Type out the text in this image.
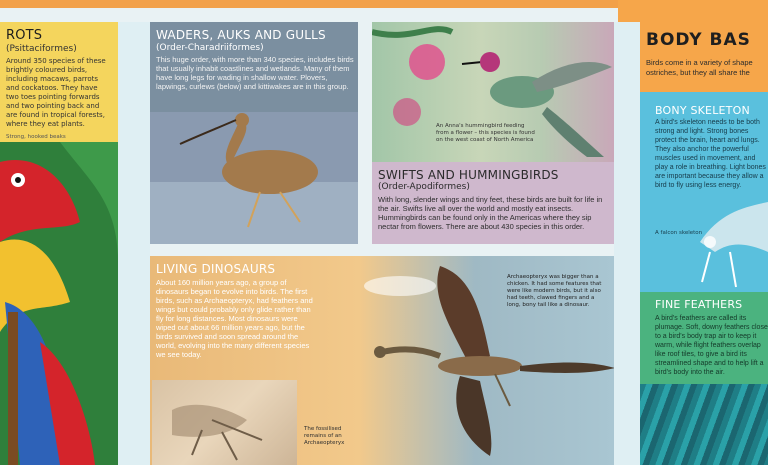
ROTS
(Psittaciformes)
Around 350 species of these brightly coloured birds, including macaws, parrots and cockatoos. They have two toes pointing forwards and two pointing back and are found in tropical forests, where they eat plants.
Strong, hooked beaks
WADERS, AUKS AND GULLS
(Order-Charadriiformes)
This huge order, with more than 340 species, includes birds that usually inhabit coastlines and wetlands. Many of them have long legs for wading in shallow water. Plovers, lapwings, curlews (below) and kittiwakes are in this group.
An Anna's hummingbird feeding from a flower – this species is found on the west coast of North America
SWIFTS AND HUMMINGBIRDS
(Order-Apodiformes)
With long, slender wings and tiny feet, these birds are built for life in the air. Swifts live all over the world and mostly eat insects. Hummingbirds can be found only in the Americas where they sip nectar from flowers. There are about 430 species in this order.
LIVING DINOSAURS
About 160 million years ago, a group of dinosaurs began to evolve into birds. The first birds, such as Archaeopteryx, had feathers and wings but could probably only glide rather than fly for long distances. Most dinosaurs were wiped out about 66 million years ago, but the birds survived and soon spread around the world, evolving into the many different species we see today.
The fossilised remains of an Archaeopteryx
Archaeopteryx was bigger than a chicken. It had some features that were like modern birds, but it also had teeth, clawed fingers and a long, bony tail like a dinosaur.
BODY BAS
Birds come in a variety of shape ostriches, but they all share the
BONY SKELETON
A bird's skeleton needs to be both strong and light. Strong bones protect the brain, heart and lungs. They also anchor the powerful muscles used in movement, and play a role in breathing. Light bones are important because they allow a bird to fly using less energy.
A falcon skeleton
FINE FEATHERS
A bird's feathers are called its plumage. Soft, downy feathers close to a bird's body trap air to keep it warm, while flight feathers overlap like roof tiles, to give a bird its streamlined shape and to help lift a bird's body into the air.
